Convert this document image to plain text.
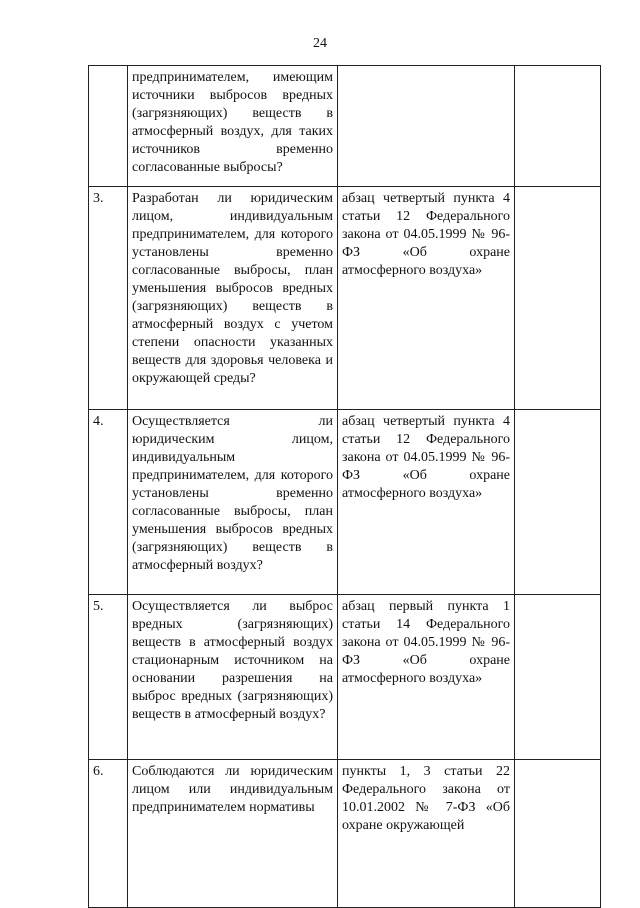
24
	предпринимателем, имеющим источники выбросов вредных (загрязняющих) веществ в атмосферный воздух, для таких источников временно согласованные выбросы?		
3.	Разработан ли юридическим лицом, индивидуальным предпринимателем, для которого установлены временно согласованные выбросы, план уменьшения выбросов вредных (загрязняющих) веществ в атмосферный воздух с учетом степени опасности указанных веществ для здоровья человека и окружающей среды?	абзац четвертый пункта 4 статьи 12 Федерального закона от 04.05.1999 № 96-ФЗ «Об охране атмосферного воздуха»	
4.	Осуществляется ли юридическим лицом, индивидуальным предпринимателем, для которого установлены временно согласованные выбросы, план уменьшения выбросов вредных (загрязняющих) веществ в атмосферный воздух?	абзац четвертый пункта 4 статьи 12 Федерального закона от 04.05.1999 № 96-ФЗ «Об охране атмосферного воздуха»	
5.	Осуществляется ли выброс вредных (загрязняющих) веществ в атмосферный воздух стационарным источником на основании разрешения на выброс вредных (загрязняющих) веществ в атмосферный воздух?	абзац первый пункта 1 статьи 14 Федерального закона от 04.05.1999 № 96-ФЗ «Об охране атмосферного воздуха»	
6.	Соблюдаются ли юридическим лицом или индивидуальным предпринимателем нормативы	пункты 1, 3 статьи 22 Федерального закона от 10.01.2002 № 7-ФЗ «Об охране окружающей	
